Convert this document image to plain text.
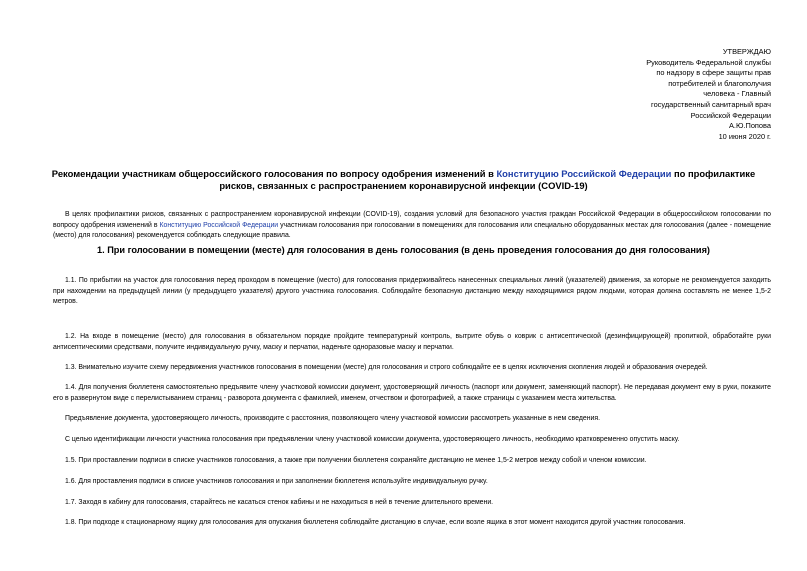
УТВЕРЖДАЮ
Руководитель Федеральной службы
по надзору в сфере защиты прав
потребителей и благополучия
человека - Главный
государственный санитарный врач
Российской Федерации
А.Ю.Попова
10 июня 2020 г.
Рекомендации участникам общероссийского голосования по вопросу одобрения изменений в Конституцию Российской Федерации по профилактике рисков, связанных с распространением коронавирусной инфекции (COVID-19)
В целях профилактики рисков, связанных с распространением коронавирусной инфекции (COVID-19), создания условий для безопасного участия граждан Российской Федерации в общероссийском голосовании по вопросу одобрения изменений в Конституцию Российской Федерации участникам голосования при голосовании в помещениях для голосования или специально оборудованных местах для голосования (далее - помещение (место) для голосования) рекомендуется соблюдать следующие правила.
1. При голосовании в помещении (месте) для голосования в день голосования (в день проведения голосования до дня голосования)
1.1. По прибытии на участок для голосования перед проходом в помещение (место) для голосования придерживайтесь нанесенных специальных линий (указателей) движения, за которые не рекомендуется заходить при нахождении на предыдущей линии (у предыдущего указателя) другого участника голосования. Соблюдайте безопасную дистанцию между находящимися рядом людьми, которая должна составлять не менее 1,5-2 метров.
1.2. На входе в помещение (место) для голосования в обязательном порядке пройдите температурный контроль, вытрите обувь о коврик с антисептической (дезинфицирующей) пропиткой, обработайте руки антисептическими средствами, получите индивидуальную ручку, маску и перчатки, наденьте одноразовые маску и перчатки.
1.3. Внимательно изучите схему передвижения участников голосования в помещении (месте) для голосования и строго соблюдайте ее в целях исключения скопления людей и образования очередей.
1.4. Для получения бюллетеня самостоятельно предъявите члену участковой комиссии документ, удостоверяющий личность (паспорт или документ, заменяющий паспорт). Не передавая документ ему в руки, покажите его в развернутом виде с перелистыванием страниц - разворота документа с фамилией, именем, отчеством и фотографией, а также страницы с указанием места жительства.
Предъявление документа, удостоверяющего личность, производите с расстояния, позволяющего члену участковой комиссии рассмотреть указанные в нем сведения.
С целью идентификации личности участника голосования при предъявлении члену участковой комиссии документа, удостоверяющего личность, необходимо кратковременно опустить маску.
1.5. При проставлении подписи в списке участников голосования, а также при получении бюллетеня сохраняйте дистанцию не менее 1,5-2 метров между собой и членом комиссии.
1.6. Для проставления подписи в списке участников голосования и при заполнении бюллетеня используйте индивидуальную ручку.
1.7. Заходя в кабину для голосования, старайтесь не касаться стенок кабины и не находиться в ней в течение длительного времени.
1.8. При подходе к стационарному ящику для голосования для опускания бюллетеня соблюдайте дистанцию в случае, если возле ящика в этот момент находится другой участник голосования.
